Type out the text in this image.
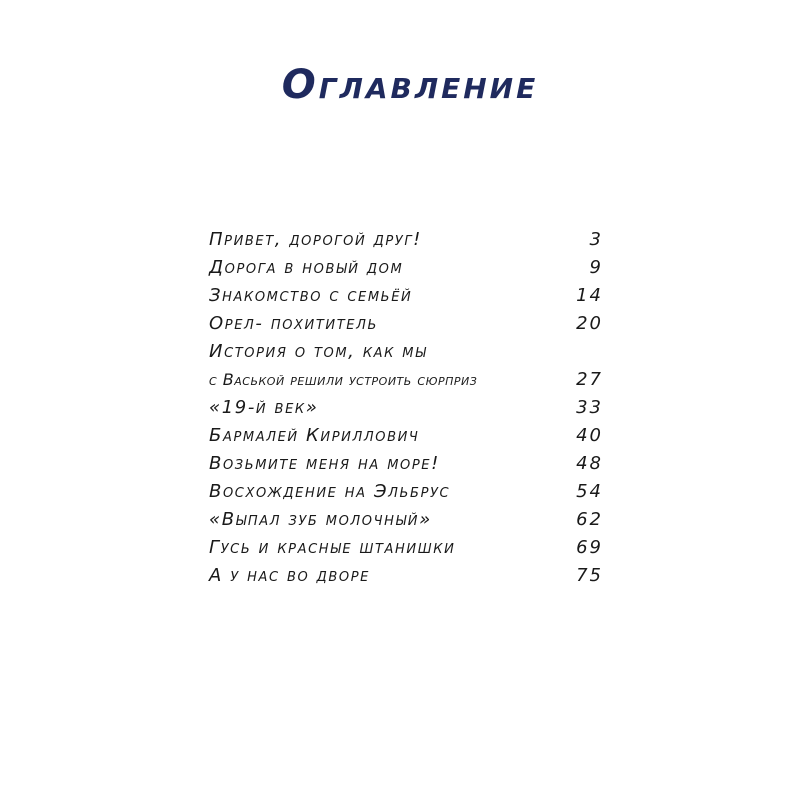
Оглавление
Привет, дорогой друг!	3
Дорога в новый дом	9
Знакомство с семьёй	14
Орел- похититель	20
История о том, как мы
с Васькой решили устроить сюрприз	27
«19-й век»	33
Бармалей Кириллович	40
Возьмите меня на море!	48
Восхождение на Эльбрус	54
«Выпал зуб молочный»	62
Гусь и красные штанишки	69
А у нас во дворе	75
